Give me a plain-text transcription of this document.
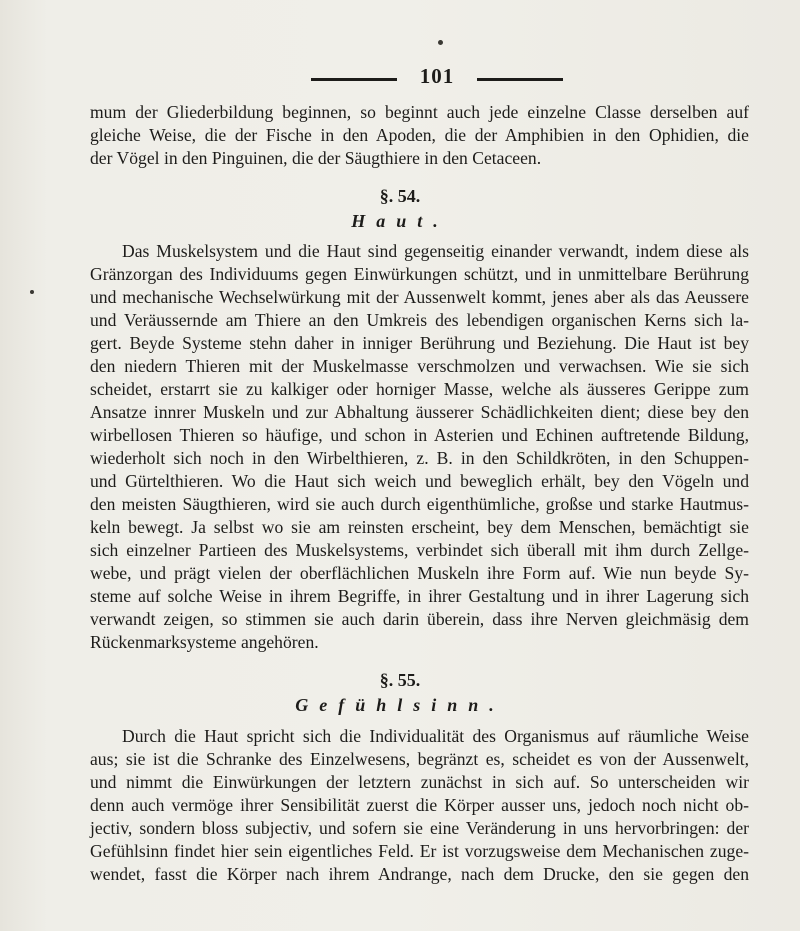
101
mum der Gliederbildung beginnen, so beginnt auch jede einzelne Classe derselben auf
gleiche Weise, die der Fische in den Apoden, die der Amphibien in den Ophidien, die
der Vögel in den Pinguinen, die der Säugthiere in den Cetaceen.
§. 54.
Haut.
Das Muskelsystem und die Haut sind gegenseitig einander verwandt, indem diese als
Gränzorgan des Individuums gegen Einwürkungen schützt, und in unmittelbare Berührung
und mechanische Wechselwürkung mit der Aussenwelt kommt, jenes aber als das Aeussere
und Veräussernde am Thiere an den Umkreis des lebendigen organischen Kerns sich la-
gert. Beyde Systeme stehn daher in inniger Berührung und Beziehung. Die Haut ist bey
den niedern Thieren mit der Muskelmasse verschmolzen und verwachsen. Wie sie sich
scheidet, erstarrt sie zu kalkiger oder horniger Masse, welche als äusseres Gerippe zum
Ansatze innrer Muskeln und zur Abhaltung äusserer Schädlichkeiten dient; diese bey den
wirbellosen Thieren so häufige, und schon in Asterien und Echinen auftretende Bildung,
wiederholt sich noch in den Wirbelthieren, z. B. in den Schildkröten, in den Schuppen-
und Gürtelthieren. Wo die Haut sich weich und beweglich erhält, bey den Vögeln und
den meisten Säugthieren, wird sie auch durch eigenthümliche, großse und starke Hautmus-
keln bewegt. Ja selbst wo sie am reinsten erscheint, bey dem Menschen, bemächtigt sie
sich einzelner Partieen des Muskelsystems, verbindet sich überall mit ihm durch Zellge-
webe, und prägt vielen der oberflächlichen Muskeln ihre Form auf. Wie nun beyde Sy-
steme auf solche Weise in ihrem Begriffe, in ihrer Gestaltung und in ihrer Lagerung sich
verwandt zeigen, so stimmen sie auch darin überein, dass ihre Nerven gleichmäsig dem
Rückenmarksysteme angehören.
§. 55.
Gefühlsinn.
Durch die Haut spricht sich die Individualität des Organismus auf räumliche Weise
aus; sie ist die Schranke des Einzelwesens, begränzt es, scheidet es von der Aussenwelt,
und nimmt die Einwürkungen der letztern zunächst in sich auf. So unterscheiden wir
denn auch vermöge ihrer Sensibilität zuerst die Körper ausser uns, jedoch noch nicht ob-
jectiv, sondern bloss subjectiv, und sofern sie eine Veränderung in uns hervorbringen: der
Gefühlsinn findet hier sein eigentliches Feld. Er ist vorzugsweise dem Mechanischen zuge-
wendet, fasst die Körper nach ihrem Andrange, nach dem Drucke, den sie gegen den
